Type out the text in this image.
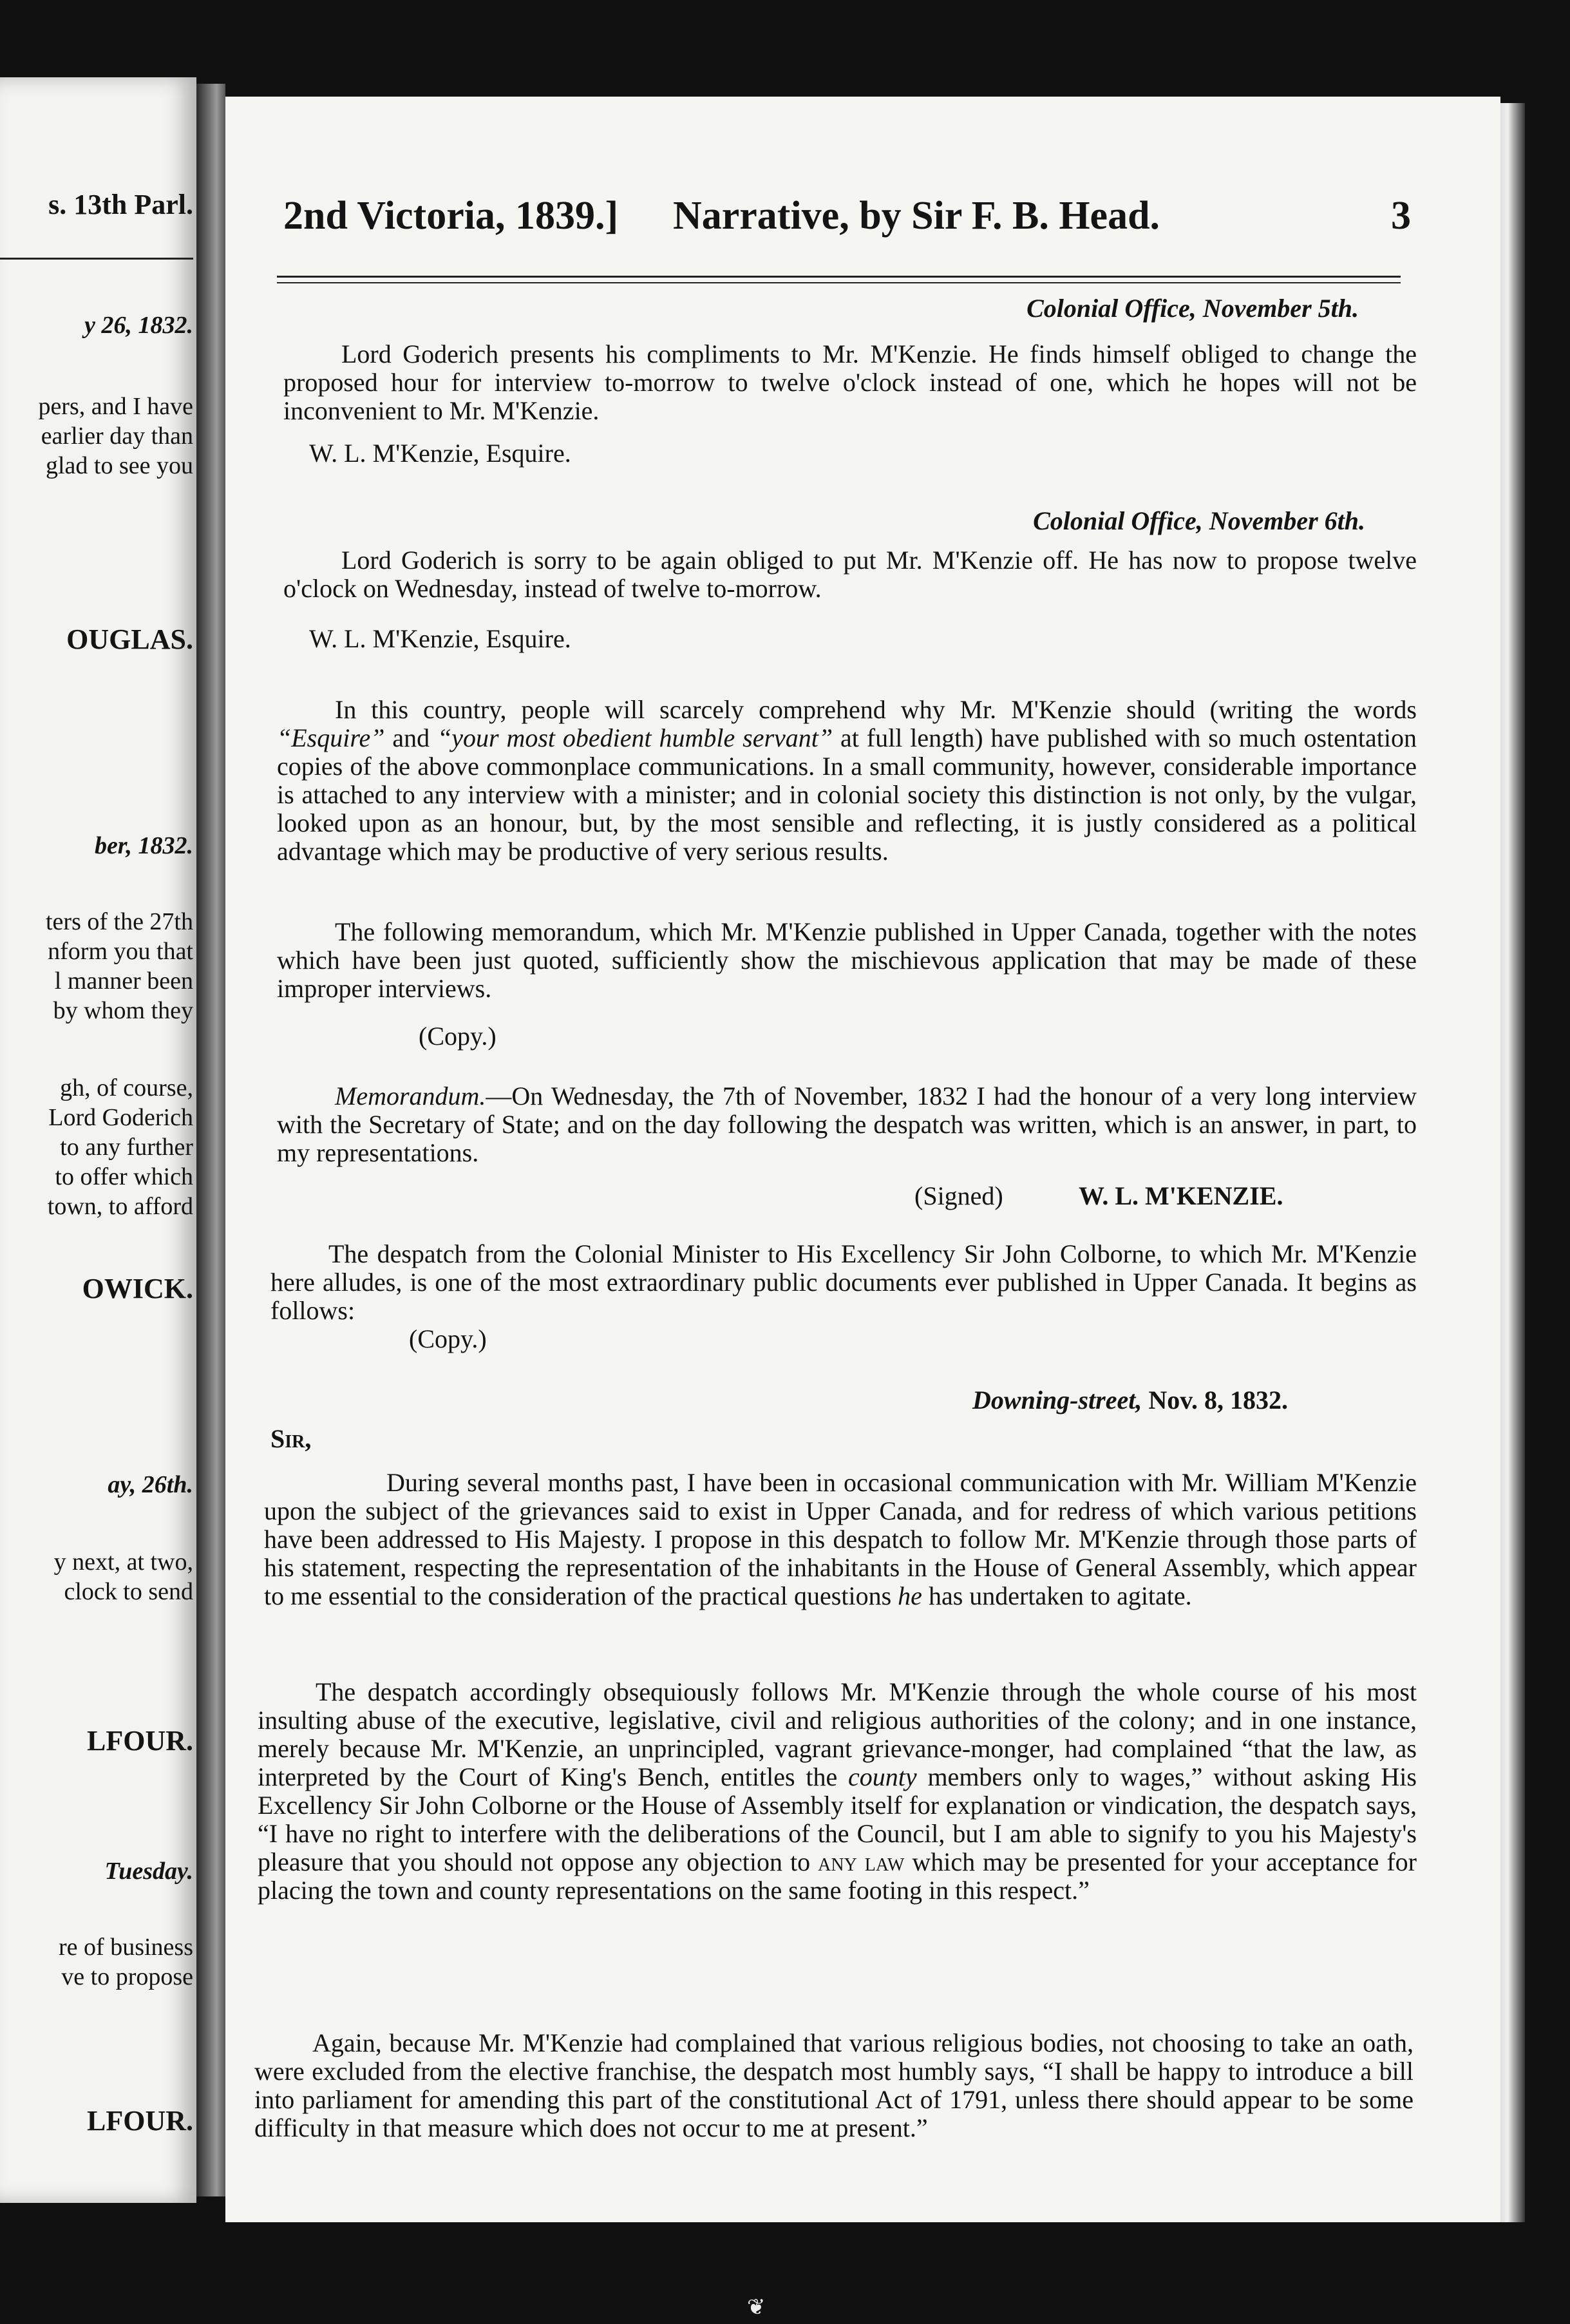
s. 13th Parl.
y 26, 1832.
pers, and I have
earlier day than
glad to see you
OUGLAS.
ber, 1832.
ters of the 27th
nform you that
l manner been
by whom they
gh, of course,
Lord Goderich
to any further
to offer which
town, to afford
OWICK.
ay, 26th.
y next, at two,
clock to send
LFOUR.
Tuesday.
re of business
ve to propose
LFOUR.
2nd Victoria, 1839.] Narrative, by Sir F. B. Head.	3
Colonial Office, November 5th.
Lord Goderich presents his compliments to Mr. M'Kenzie. He finds himself obliged to change the proposed hour for interview to-morrow to twelve o'clock instead of one, which he hopes will not be inconvenient to Mr. M'Kenzie.
W. L. M'Kenzie, Esquire.
Colonial Office, November 6th.
Lord Goderich is sorry to be again obliged to put Mr. M'Kenzie off. He has now to propose twelve o'clock on Wednesday, instead of twelve to-morrow.
W. L. M'Kenzie, Esquire.
In this country, people will scarcely comprehend why Mr. M'Kenzie should (writing the words “Esquire” and “your most obedient humble servant” at full length) have published with so much ostentation copies of the above commonplace communications. In a small community, however, considerable importance is attached to any interview with a minister; and in colonial society this distinction is not only, by the vulgar, looked upon as an honour, but, by the most sensible and reflecting, it is justly considered as a political advantage which may be productive of very serious results.
The following memorandum, which Mr. M'Kenzie published in Upper Canada, together with the notes which have been just quoted, sufficiently show the mischievous application that may be made of these improper interviews.
(Copy.)
Memorandum.—On Wednesday, the 7th of November, 1832 I had the honour of a very long interview with the Secretary of State; and on the day following the despatch was written, which is an answer, in part, to my representations.
(Signed)	W. L. M'KENZIE.
The despatch from the Colonial Minister to His Excellency Sir John Colborne, to which Mr. M'Kenzie here alludes, is one of the most extraordinary public documents ever published in Upper Canada. It begins as follows:
(Copy.)
Downing-street, Nov. 8, 1832.
Sir,
During several months past, I have been in occasional communication with Mr. William M'Kenzie upon the subject of the grievances said to exist in Upper Canada, and for redress of which various petitions have been addressed to His Majesty. I propose in this despatch to follow Mr. M'Kenzie through those parts of his statement, respecting the representation of the inhabitants in the House of General Assembly, which appear to me essential to the consideration of the practical questions he has undertaken to agitate.
The despatch accordingly obsequiously follows Mr. M'Kenzie through the whole course of his most insulting abuse of the executive, legislative, civil and religious authorities of the colony; and in one instance, merely because Mr. M'Kenzie, an unprincipled, vagrant grievance-monger, had complained “that the law, as interpreted by the Court of King's Bench, entitles the county members only to wages,” without asking His Excellency Sir John Colborne or the House of Assembly itself for explanation or vindication, the despatch says, “I have no right to interfere with the deliberations of the Council, but I am able to signify to you his Majesty's pleasure that you should not oppose any objection to any law which may be presented for your acceptance for placing the town and county representations on the same footing in this respect.”
Again, because Mr. M'Kenzie had complained that various religious bodies, not choosing to take an oath, were excluded from the elective franchise, the despatch most humbly says, “I shall be happy to introduce a bill into parliament for amending this part of the constitutional Act of 1791, unless there should appear to be some difficulty in that measure which does not occur to me at present.”
❦
